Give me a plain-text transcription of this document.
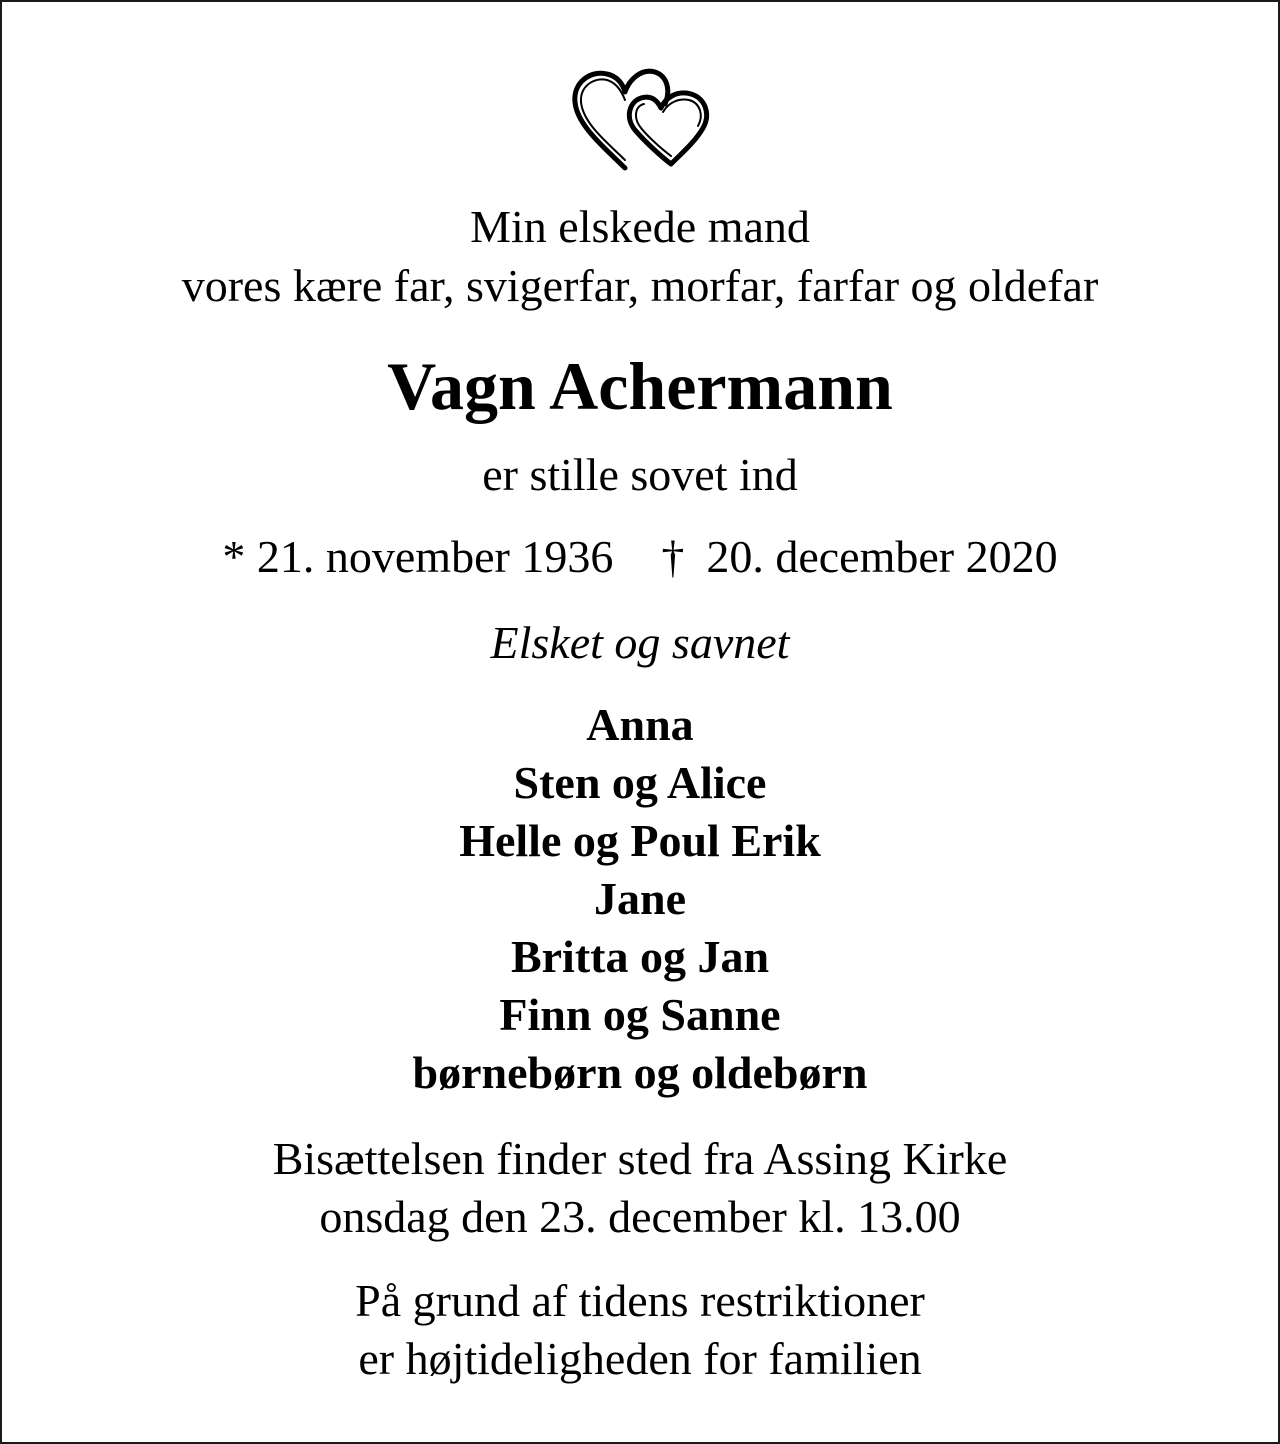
Min elskede mand

vores kære far, svigerfar, morfar, farfar og oldefar

Vagn Achermann

er stille sovet ind

* 21. november 1936 † 20. december 2020

Elsket og savnet

Anna
Sten og Alice
Helle og Poul Erik
Jane
Britta og Jan
Finn og Sanne
børnebørn og oldebørn

Bisættelsen finder sted fra Assing Kirke

onsdag den 23. december kl. 13.00

På grund af tidens restriktioner

er højtideligheden for familien
